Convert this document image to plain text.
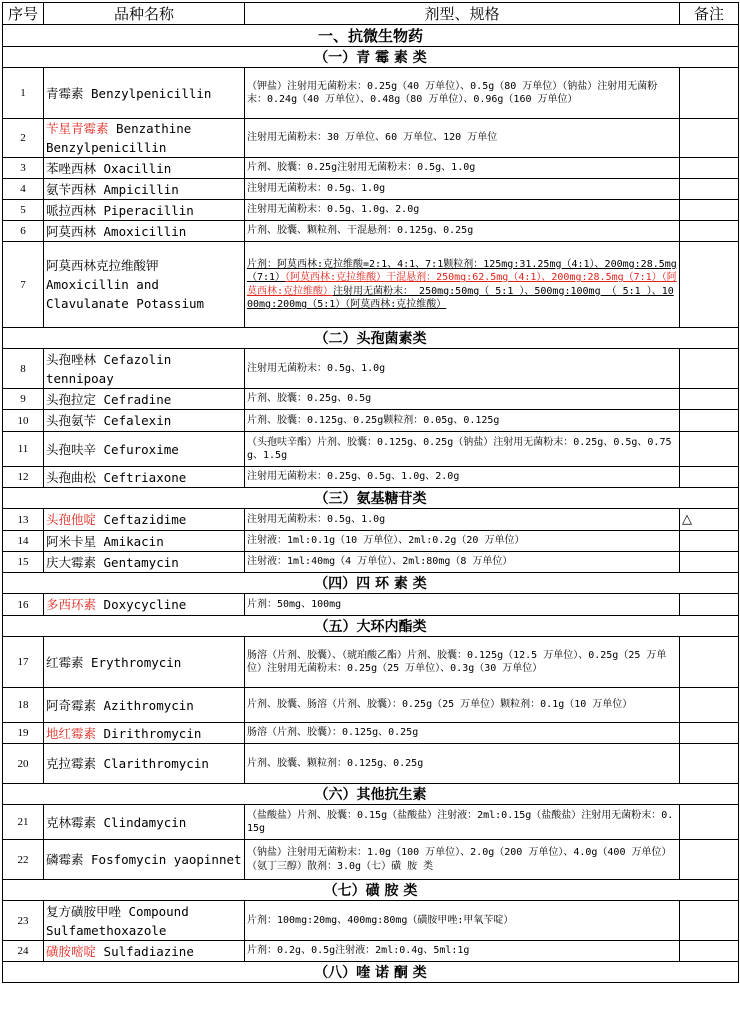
序号	品种名称	剂型、规格	备注
一、抗微生物药			
（一）青 霉 素 类			
1	青霉素 Benzylpenicillin	（钾盐）注射用无菌粉末：0.25g（40 万单位）、0.5g（80 万单位）（钠盐）注射用无菌粉末：0.24g（40 万单位）、0.48g（80 万单位）、0.96g（160 万单位）	
2	苄星青霉素 Benzathine Benzylpenicillin	注射用无菌粉末：30 万单位、60 万单位、120 万单位	
3	苯唑西林 Oxacillin	片剂、胶囊：0.25g注射用无菌粉末：0.5g、1.0g	
4	氨苄西林 Ampicillin	注射用无菌粉末：0.5g、1.0g	
5	哌拉西林 Piperacillin	注射用无菌粉末：0.5g、1.0g、2.0g	
6	阿莫西林 Amoxicillin	片剂、胶囊、颗粒剂、干混悬剂：0.125g、0.25g	
7	阿莫西林克拉维酸钾 Amoxicillin and Clavulanate Potassium	片剂：阿莫西林:克拉维酸=2:1、4:1、7:1颗粒剂：125mg:31.25mg（4:1）、200mg:28.5mg（7:1）（阿莫西林:克拉维酸）干混悬剂：250mg:62.5mg（4:1）、200mg:28.5mg（7:1）（阿莫西林:克拉维酸）注射用无菌粉末： 250mg:50mg（ 5:1 ）、500mg:100mg （ 5:1 ）、1000mg:200mg（5:1）（阿莫西林:克拉维酸）	
（二）头孢菌素类			
8	头孢唑林 Cefazolin tennipoay	注射用无菌粉末：0.5g、1.0g	
9	头孢拉定 Cefradine	片剂、胶囊：0.25g、0.5g	
10	头孢氨苄 Cefalexin	片剂、胶囊：0.125g、0.25g颗粒剂：0.05g、0.125g	
11	头孢呋辛 Cefuroxime	（头孢呋辛酯）片剂、胶囊：0.125g、0.25g（钠盐）注射用无菌粉末：0.25g、0.5g、0.75g、1.5g	
12	头孢曲松 Ceftriaxone	注射用无菌粉末：0.25g、0.5g、1.0g、2.0g	
（三）氨基糖苷类			
13	头孢他啶 Ceftazidime	注射用无菌粉末：0.5g、1.0g	△
14	阿米卡星 Amikacin	注射液：1ml:0.1g（10 万单位）、2ml:0.2g（20 万单位）	
15	庆大霉素 Gentamycin	注射液：1ml:40mg（4 万单位）、2ml:80mg（8 万单位）	
（四）四 环 素 类			
16	多西环素 Doxycycline	片剂：50mg、100mg	
（五）大环内酯类			
17	红霉素 Erythromycin	肠溶（片剂、胶囊）、（琥珀酸乙酯）片剂、胶囊：0.125g（12.5 万单位）、0.25g（25 万单位）注射用无菌粉末：0.25g（25 万单位）、0.3g（30 万单位）	
18	阿奇霉素 Azithromycin	片剂、胶囊、肠溶（片剂、胶囊）：0.25g（25 万单位）颗粒剂：0.1g（10 万单位）	
19	地红霉素 Dirithromycin	肠溶（片剂、胶囊）：0.125g、0.25g	
20	克拉霉素 Clarithromycin	片剂、胶囊、颗粒剂：0.125g、0.25g	
（六）其他抗生素			
21	克林霉素 Clindamycin	（盐酸盐）片剂、胶囊：0.15g（盐酸盐）注射液：2ml:0.15g（盐酸盐）注射用无菌粉末：0.15g	
22	磷霉素 Fosfomycin yaopinnet	（钠盐）注射用无菌粉末：1.0g（100 万单位）、2.0g（200 万单位）、4.0g（400 万单位）（氨丁三醇）散剂：3.0g（七）磺 胺 类	
（七）磺 胺 类			
23	复方磺胺甲唑 Compound Sulfamethoxazole	片剂：100mg:20mg、400mg:80mg（磺胺甲唑:甲氧苄啶）	
24	磺胺嘧啶 Sulfadiazine	片剂：0.2g、0.5g注射液：2ml:0.4g、5ml:1g	
（八）喹 诺 酮 类			
